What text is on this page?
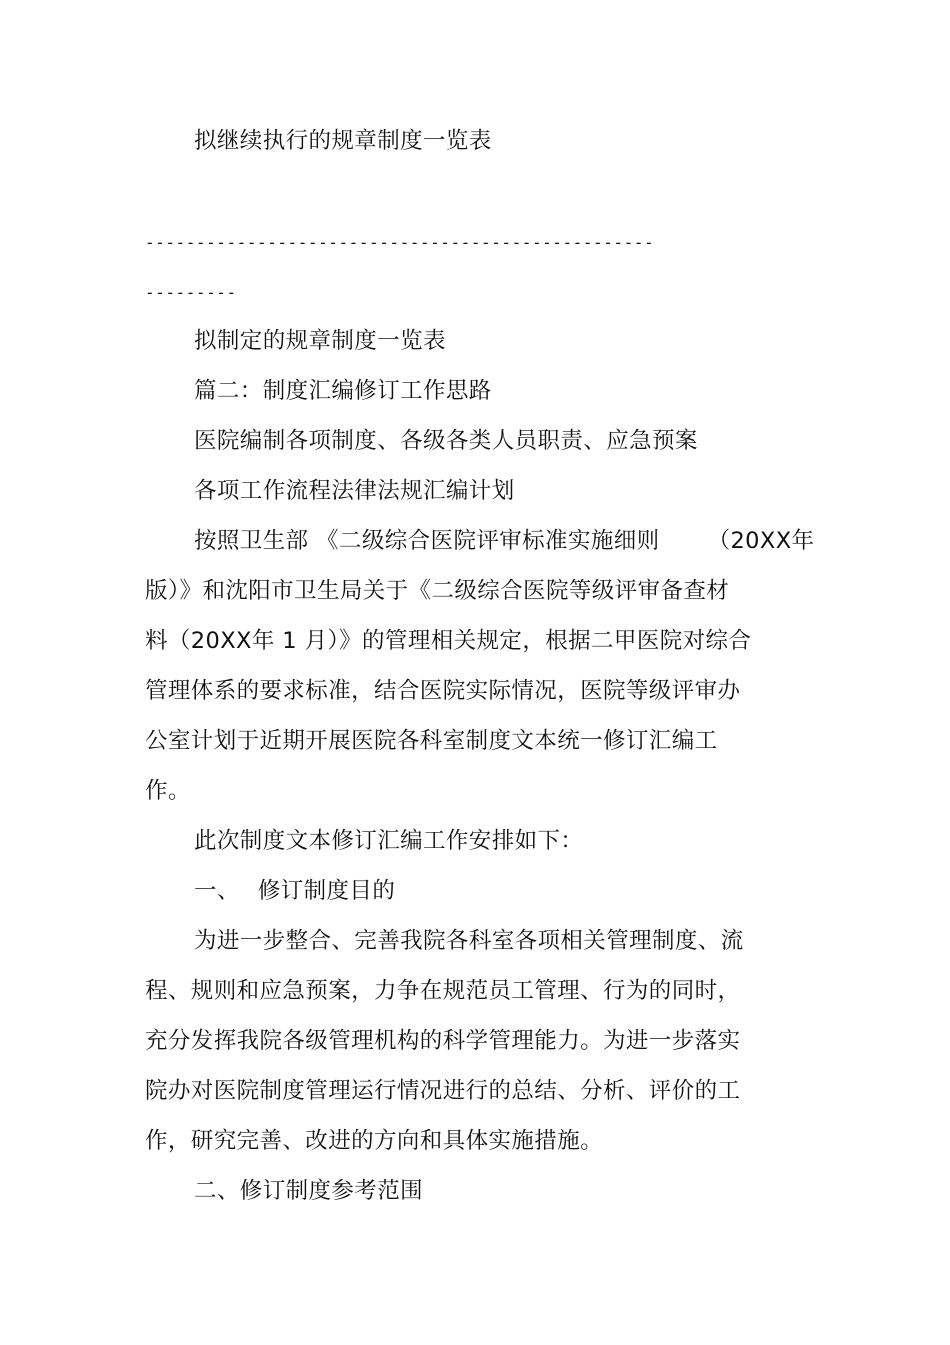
拟继续执行的规章制度一览表

--------------------------------------------------

---------

拟制定的规章制度一览表

篇二：制度汇编修订工作思路

医院编制各项制度、各级各类人员职责、应急预案

各项工作流程法律法规汇编计划

按照卫生部 《二级综合医院评审标准实施细则 （20XX年

版）》和沈阳市卫生局关于《二级综合医院等级评审备查材

料（20XX年 1 月）》的管理相关规定，根据二甲医院对综合

管理体系的要求标准，结合医院实际情况，医院等级评审办

公室计划于近期开展医院各科室制度文本统一修订汇编工

作。

此次制度文本修订汇编工作安排如下：

一、 修订制度目的

为进一步整合、完善我院各科室各项相关管理制度、流

程、规则和应急预案，力争在规范员工管理、行为的同时，

充分发挥我院各级管理机构的科学管理能力。为进一步落实

院办对医院制度管理运行情况进行的总结、分析、评价的工

作，研究完善、改进的方向和具体实施措施。

二、修订制度参考范围
